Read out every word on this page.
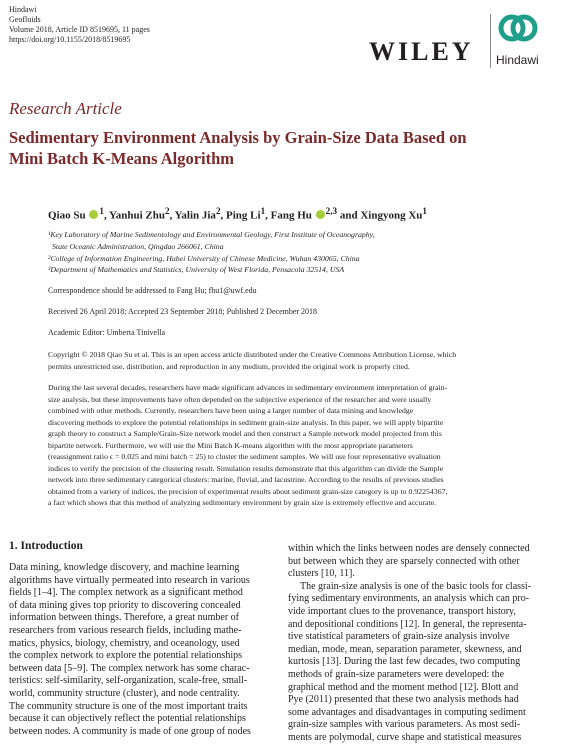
Hindawi
Geofluids
Volume 2018, Article ID 8519695, 11 pages
https://doi.org/10.1155/2018/8519695	WILEY Hindawi
Research Article
Sedimentary Environment Analysis by Grain-Size Data Based on
Mini Batch K-Means Algorithm
Qiao Su $^1$, Yanhui Zhu$^2$, Yalin Jia$^2$, Ping Li$^1$, Fang Hu $^{2,3}$ and Xingyong Xu$^1$
¹Key Laboratory of Marine Sedimentology and Environmental Geology, First Institute of Oceanography,
State Oceanic Administration, Qingdao 266061, China
²College of Information Engineering, Hubei University of Chinese Medicine, Wuhan 430065, China
³Department of Mathematics and Statistics, University of West Florida, Pensacola 32514, USA
Correspondence should be addressed to Fang Hu; fhu1@uwf.edu
Received 26 April 2018; Accepted 23 September 2018; Published 2 December 2018
Academic Editor: Umberta Tinivella
Copyright © 2018 Qiao Su et al. This is an open access article distributed under the Creative Commons Attribution License, which
permits unrestricted use, distribution, and reproduction in any medium, provided the original work is properly cited.
During the last several decades, researchers have made significant advances in sedimentary environment interpretation of grain-
size analysis, but these improvements have often depended on the subjective experience of the researcher and were usually
combined with other methods. Currently, researchers have been using a larger number of data mining and knowledge
discovering methods to explore the potential relationships in sediment grain-size analysis. In this paper, we will apply bipartite
graph theory to construct a Sample/Grain-Size network model and then construct a Sample network model projected from this
bipartite network. Furthermore, we will use the Mini Batch K-means algorithm with the most appropriate parameters
(reassignment ratio ϵ = 0.025 and mini batch = 25) to cluster the sediment samples. We will use four representative evaluation
indices to verify the precision of the clustering result. Simulation results demonstrate that this algorithm can divide the Sample
network into three sedimentary categorical clusters: marine, fluvial, and lacustrine. According to the results of previous studies
obtained from a variety of indices, the precision of experimental results about sediment grain-size category is up to 0.92254367,
a fact which shows that this method of analyzing sedimentary environment by grain size is extremely effective and accurate.
1. Introduction
Data mining, knowledge discovery, and machine learning
algorithms have virtually permeated into research in various
fields [1–4]. The complex network as a significant method
of data mining gives top priority to discovering concealed
information between things. Therefore, a great number of
researchers from various research fields, including mathe-
matics, physics, biology, chemistry, and oceanology, used
the complex network to explore the potential relationships
between data [5–9]. The complex network has some charac-
teristics: self-similarity, self-organization, scale-free, small-
world, community structure (cluster), and node centrality.
The community structure is one of the most important traits
because it can objectively reflect the potential relationships
between nodes. A community is made of one group of nodes
within which the links between nodes are densely connected
but between which they are sparsely connected with other
clusters [10, 11].
The grain-size analysis is one of the basic tools for classi-
fying sedimentary environments, an analysis which can pro-
vide important clues to the provenance, transport history,
and depositional conditions [12]. In general, the representa-
tive statistical parameters of grain-size analysis involve
median, mode, mean, separation parameter, skewness, and
kurtosis [13]. During the last few decades, two computing
methods of grain-size parameters were developed: the
graphical method and the moment method [12]. Blott and
Pye (2011) presented that these two analysis methods had
some advantages and disadvantages in computing sediment
grain-size samples with various parameters. As most sedi-
ments are polymodal, curve shape and statistical measures
